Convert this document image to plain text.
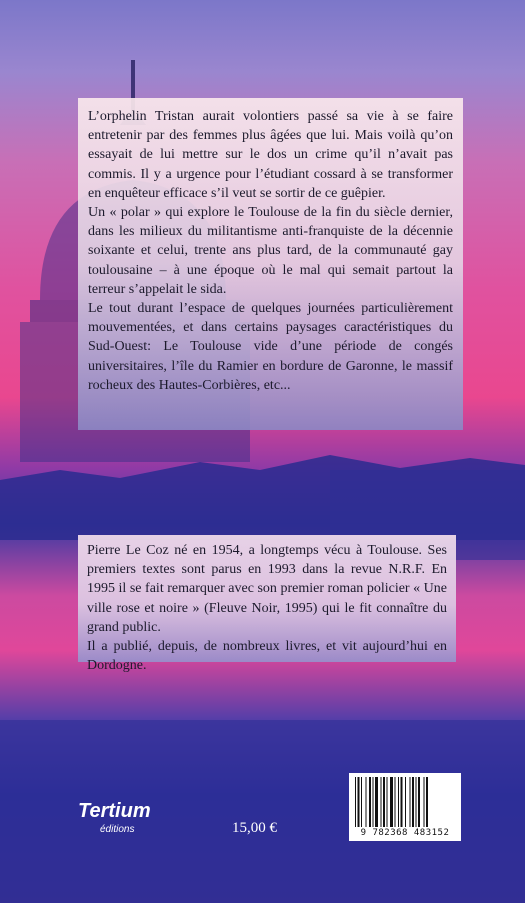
L’orphelin Tristan aurait volontiers passé sa vie à se faire entretenir par des femmes plus âgées que lui. Mais voilà qu’on essayait de lui mettre sur le dos un crime qu’il n’avait pas commis. Il y a urgence pour l’étudiant cossard à se transformer en enquêteur efficace s’il veut se sortir de ce guêpier.

Un « polar » qui explore le Toulouse de la fin du siècle dernier, dans les milieux du militantisme anti-franquiste de la décennie soixante et celui, trente ans plus tard, de la communauté gay toulousaine – à une époque où le mal qui semait partout la terreur s’appelait le sida.

Le tout durant l’espace de quelques journées particulièrement mouvementées, et dans certains paysages caractéristiques du Sud-Ouest: Le Toulouse vide d’une période de congés universitaires, l’île du Ramier en bordure de Garonne, le massif rocheux des Hautes-Corbières, etc...

Pierre Le Coz né en 1954, a longtemps vécu à Toulouse. Ses premiers textes sont parus en 1993 dans la revue N.R.F. En 1995 il se fait remarquer avec son premier roman policier « Une ville rose et noire » (Fleuve Noir, 1995) qui le fit connaître du grand public.

Il a publié, depuis, de nombreux livres, et vit aujourd’hui en Dordogne.

Tertium
éditions	15,00 €	9 782368 483152
